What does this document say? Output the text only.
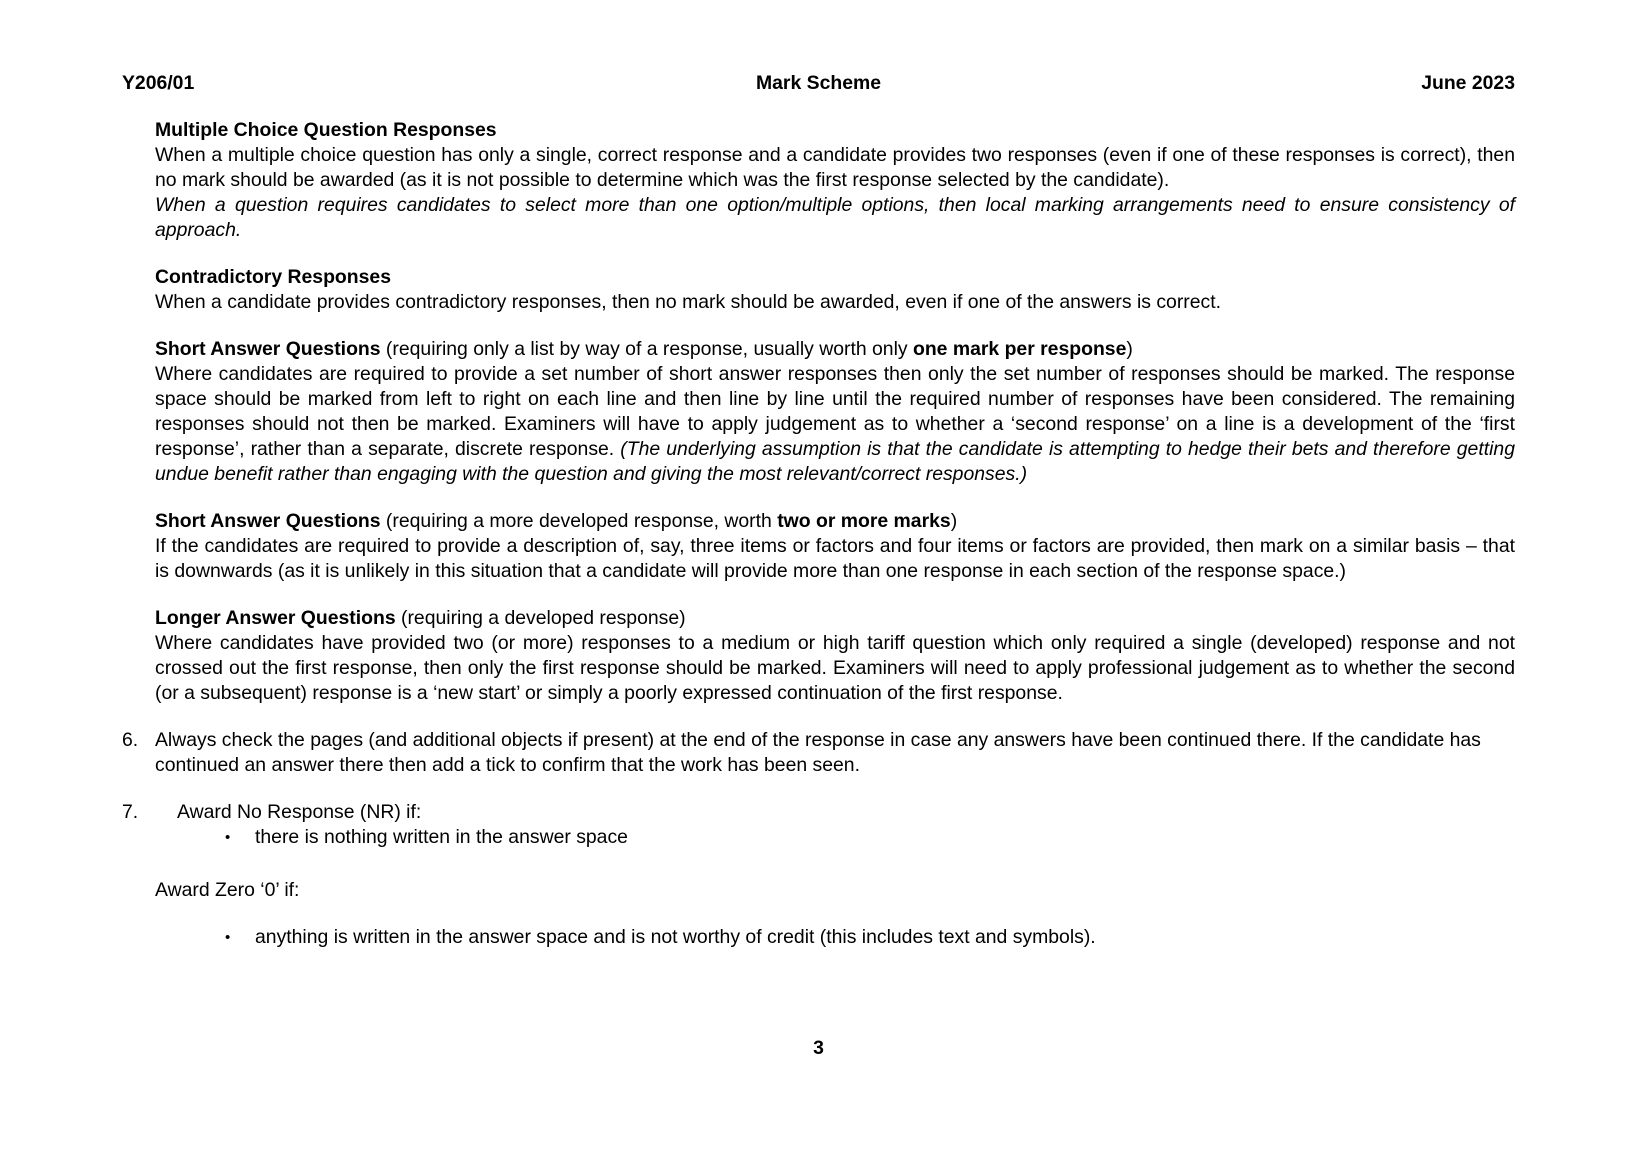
Y206/01	Mark Scheme	June 2023
Multiple Choice Question Responses

When a multiple choice question has only a single, correct response and a candidate provides two responses (even if one of these responses is correct), then no mark should be awarded (as it is not possible to determine which was the first response selected by the candidate).

When a question requires candidates to select more than one option/multiple options, then local marking arrangements need to ensure consistency of approach.

Contradictory Responses

When a candidate provides contradictory responses, then no mark should be awarded, even if one of the answers is correct.

Short Answer Questions (requiring only a list by way of a response, usually worth only one mark per response)

Where candidates are required to provide a set number of short answer responses then only the set number of responses should be marked. The response space should be marked from left to right on each line and then line by line until the required number of responses have been considered. The remaining responses should not then be marked. Examiners will have to apply judgement as to whether a ‘second response’ on a line is a development of the ‘first response’, rather than a separate, discrete response. (The underlying assumption is that the candidate is attempting to hedge their bets and therefore getting undue benefit rather than engaging with the question and giving the most relevant/correct responses.)

Short Answer Questions (requiring a more developed response, worth two or more marks)

If the candidates are required to provide a description of, say, three items or factors and four items or factors are provided, then mark on a similar basis – that is downwards (as it is unlikely in this situation that a candidate will provide more than one response in each section of the response space.)

Longer Answer Questions (requiring a developed response)

Where candidates have provided two (or more) responses to a medium or high tariff question which only required a single (developed) response and not crossed out the first response, then only the first response should be marked. Examiners will need to apply professional judgement as to whether the second (or a subsequent) response is a ‘new start’ or simply a poorly expressed continuation of the first response.

6. Always check the pages (and additional objects if present) at the end of the response in case any answers have been continued there. If the candidate has continued an answer there then add a tick to confirm that the work has been seen.
7.	Award No Response (NR) if:
•	there is nothing written in the answer space
Award Zero ‘0’ if:
•	anything is written in the answer space and is not worthy of credit (this includes text and symbols).
3
